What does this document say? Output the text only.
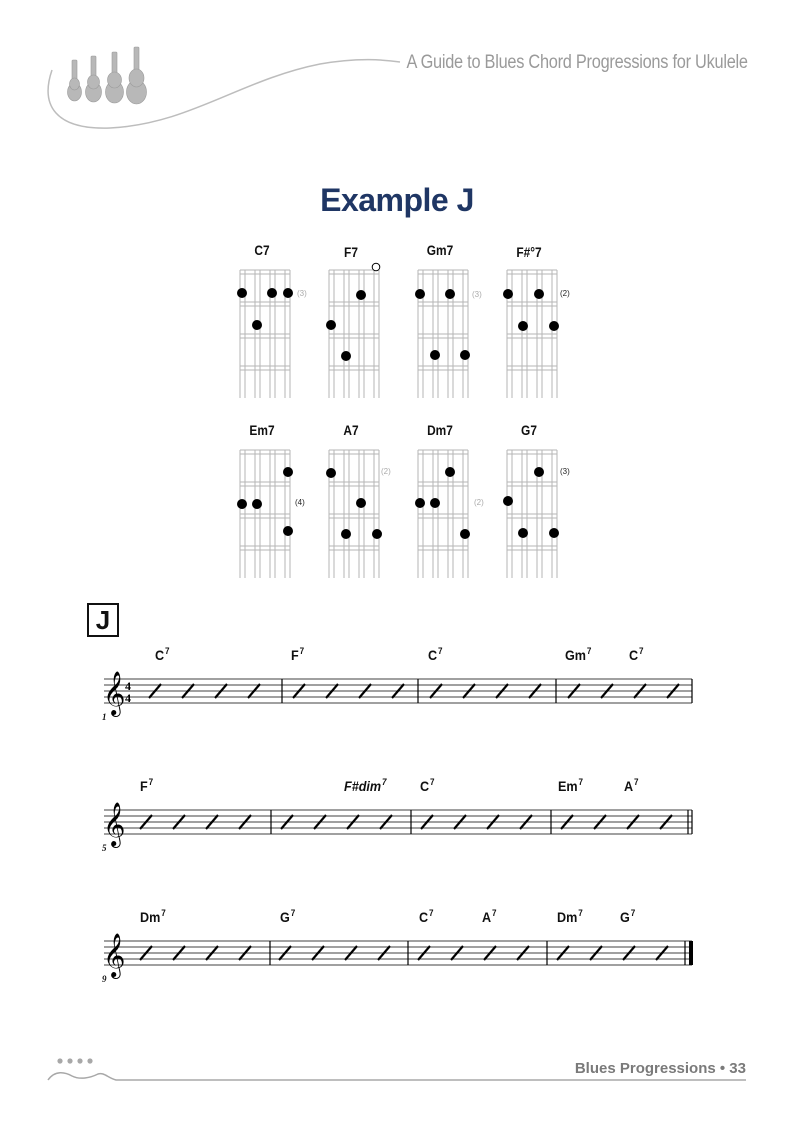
A Guide to Blues Chord Progressions for Ukulele
Example J
C7	F7	Gm7	F#°7
Em7	A7	Dm7	G7
(3)	(3)	(2)
(4)
(2)
(2)
(3)
J
𝄞 4
4
𝄞
𝄞
1
5
9
$C^7$	$F^7$	$C^7$	Gm$^7$	$C^7$
$F^7$	F#dim$^7$ $C^7$	Em$^7$	$A^7$
Dm$^7$	$G^7$	$C^7$	$A^7$	Dm$^7$	$G^7$
Blues Progressions • 33
